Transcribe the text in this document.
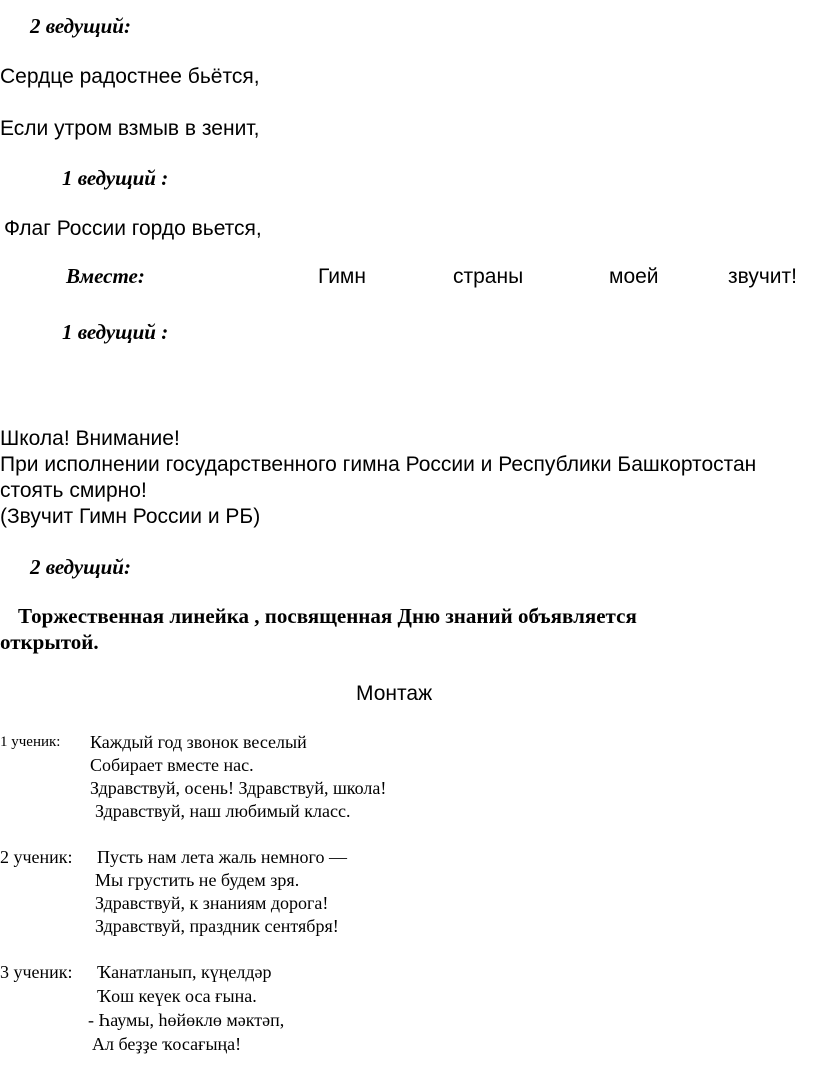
2 ведущий:
Сердце радостнее бьётся,
Если утром взмыв в зенит,
1 ведущий :
Флаг России гордо вьется,
Вместе:	Гимн	страны	моей	звучит!
1 ведущий :
Школа! Внимание!
При исполнении государственного гимна России и Республики Башкортостан
стоять смирно!
(Звучит Гимн России и РБ)
2 ведущий:
Торжественная линейка , посвященная Дню знаний объявляется
открытой.
Монтаж
1 ученик: Каждый год звонок веселый
Собирает вместе нас.
Здравствуй, осень! Здравствуй, школа!
Здравствуй, наш любимый класс.
2 ученик: Пусть нам лета жаль немного —
Мы грустить не будем зря.
Здравствуй, к знаниям дорога!
Здравствуй, праздник сентября!
3 ученик: Ҡанатланып, күңелдәр
Ҡош кеүек оса ғына.
- Һаумы, һөйөклө мәктәп,
Ал беҙҙе ҡосағыңа!
